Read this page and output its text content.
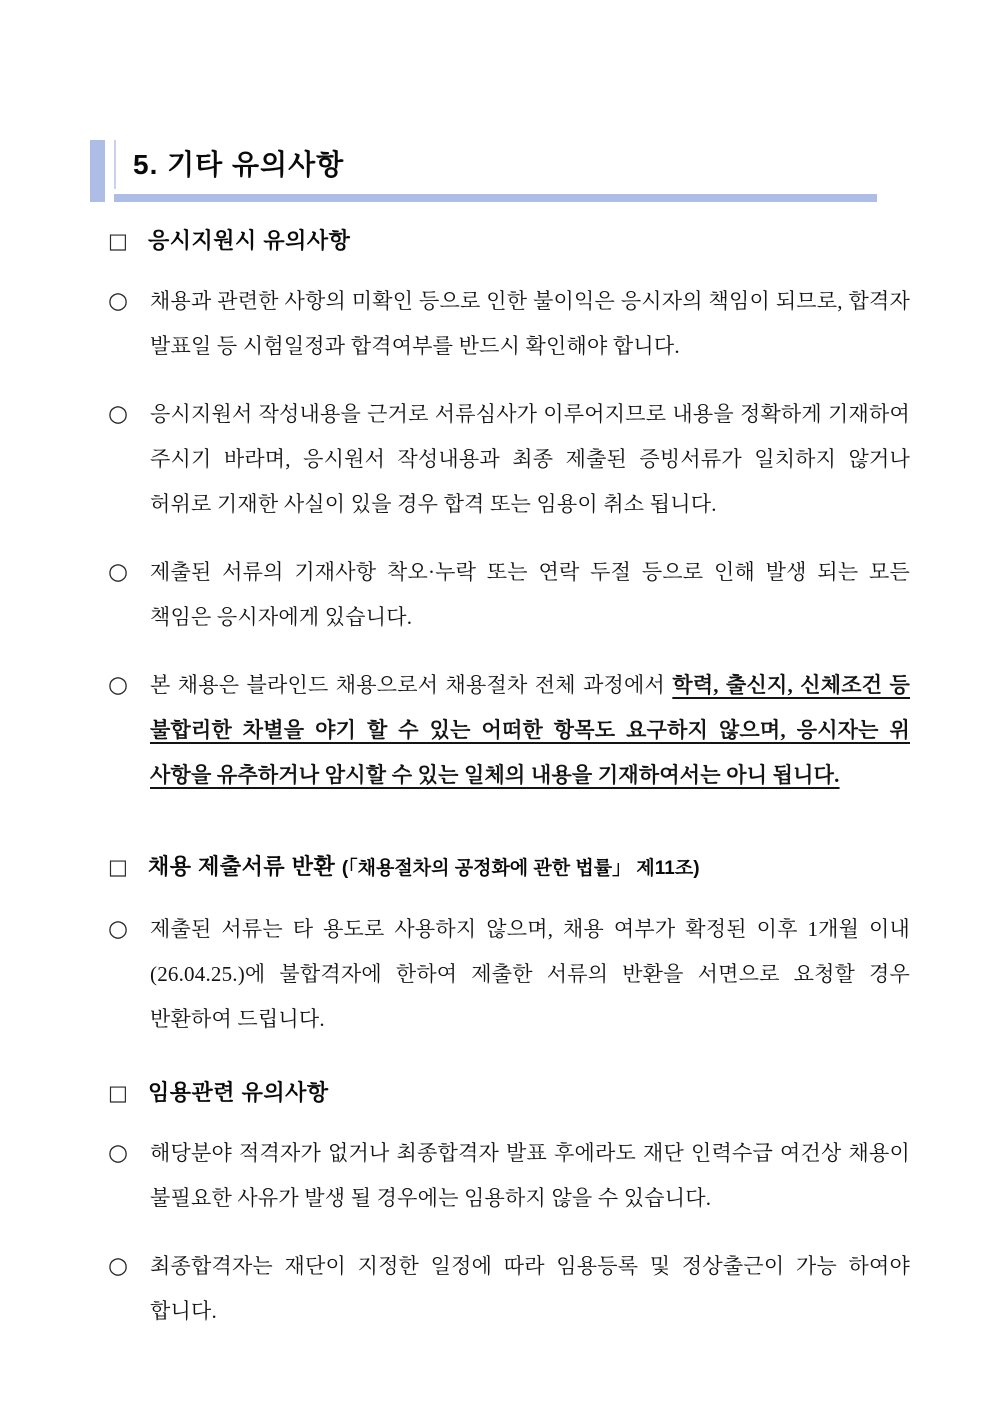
5. 기타 유의사항
□ 응시지원시 유의사항

○ 채용과 관련한 사항의 미확인 등으로 인한 불이익은 응시자의 책임이 되므로, 합격자 발표일 등 시험일정과 합격여부를 반드시 확인해야 합니다.

○ 응시지원서 작성내용을 근거로 서류심사가 이루어지므로 내용을 정확하게 기재하여 주시기 바라며, 응시원서 작성내용과 최종 제출된 증빙서류가 일치하지 않거나 허위로 기재한 사실이 있을 경우 합격 또는 임용이 취소 됩니다.

○ 제출된 서류의 기재사항 착오·누락 또는 연락 두절 등으로 인해 발생 되는 모든 책임은 응시자에게 있습니다.

○ 본 채용은 블라인드 채용으로서 채용절차 전체 과정에서 학력, 출신지, 신체조건 등 불합리한 차별을 야기 할 수 있는 어떠한 항목도 요구하지 않으며, 응시자는 위 사항을 유추하거나 암시할 수 있는 일체의 내용을 기재하여서는 아니 됩니다.

□ 채용 제출서류 반환 (「채용절차의 공정화에 관한 법률」 제11조)

○ 제출된 서류는 타 용도로 사용하지 않으며, 채용 여부가 확정된 이후 1개월 이내(26.04.25.)에 불합격자에 한하여 제출한 서류의 반환을 서면으로 요청할 경우 반환하여 드립니다.

□ 임용관련 유의사항

○ 해당분야 적격자가 없거나 최종합격자 발표 후에라도 재단 인력수급 여건상 채용이 불필요한 사유가 발생 될 경우에는 임용하지 않을 수 있습니다.

○ 최종합격자는 재단이 지정한 일정에 따라 임용등록 및 정상출근이 가능 하여야 합니다.
